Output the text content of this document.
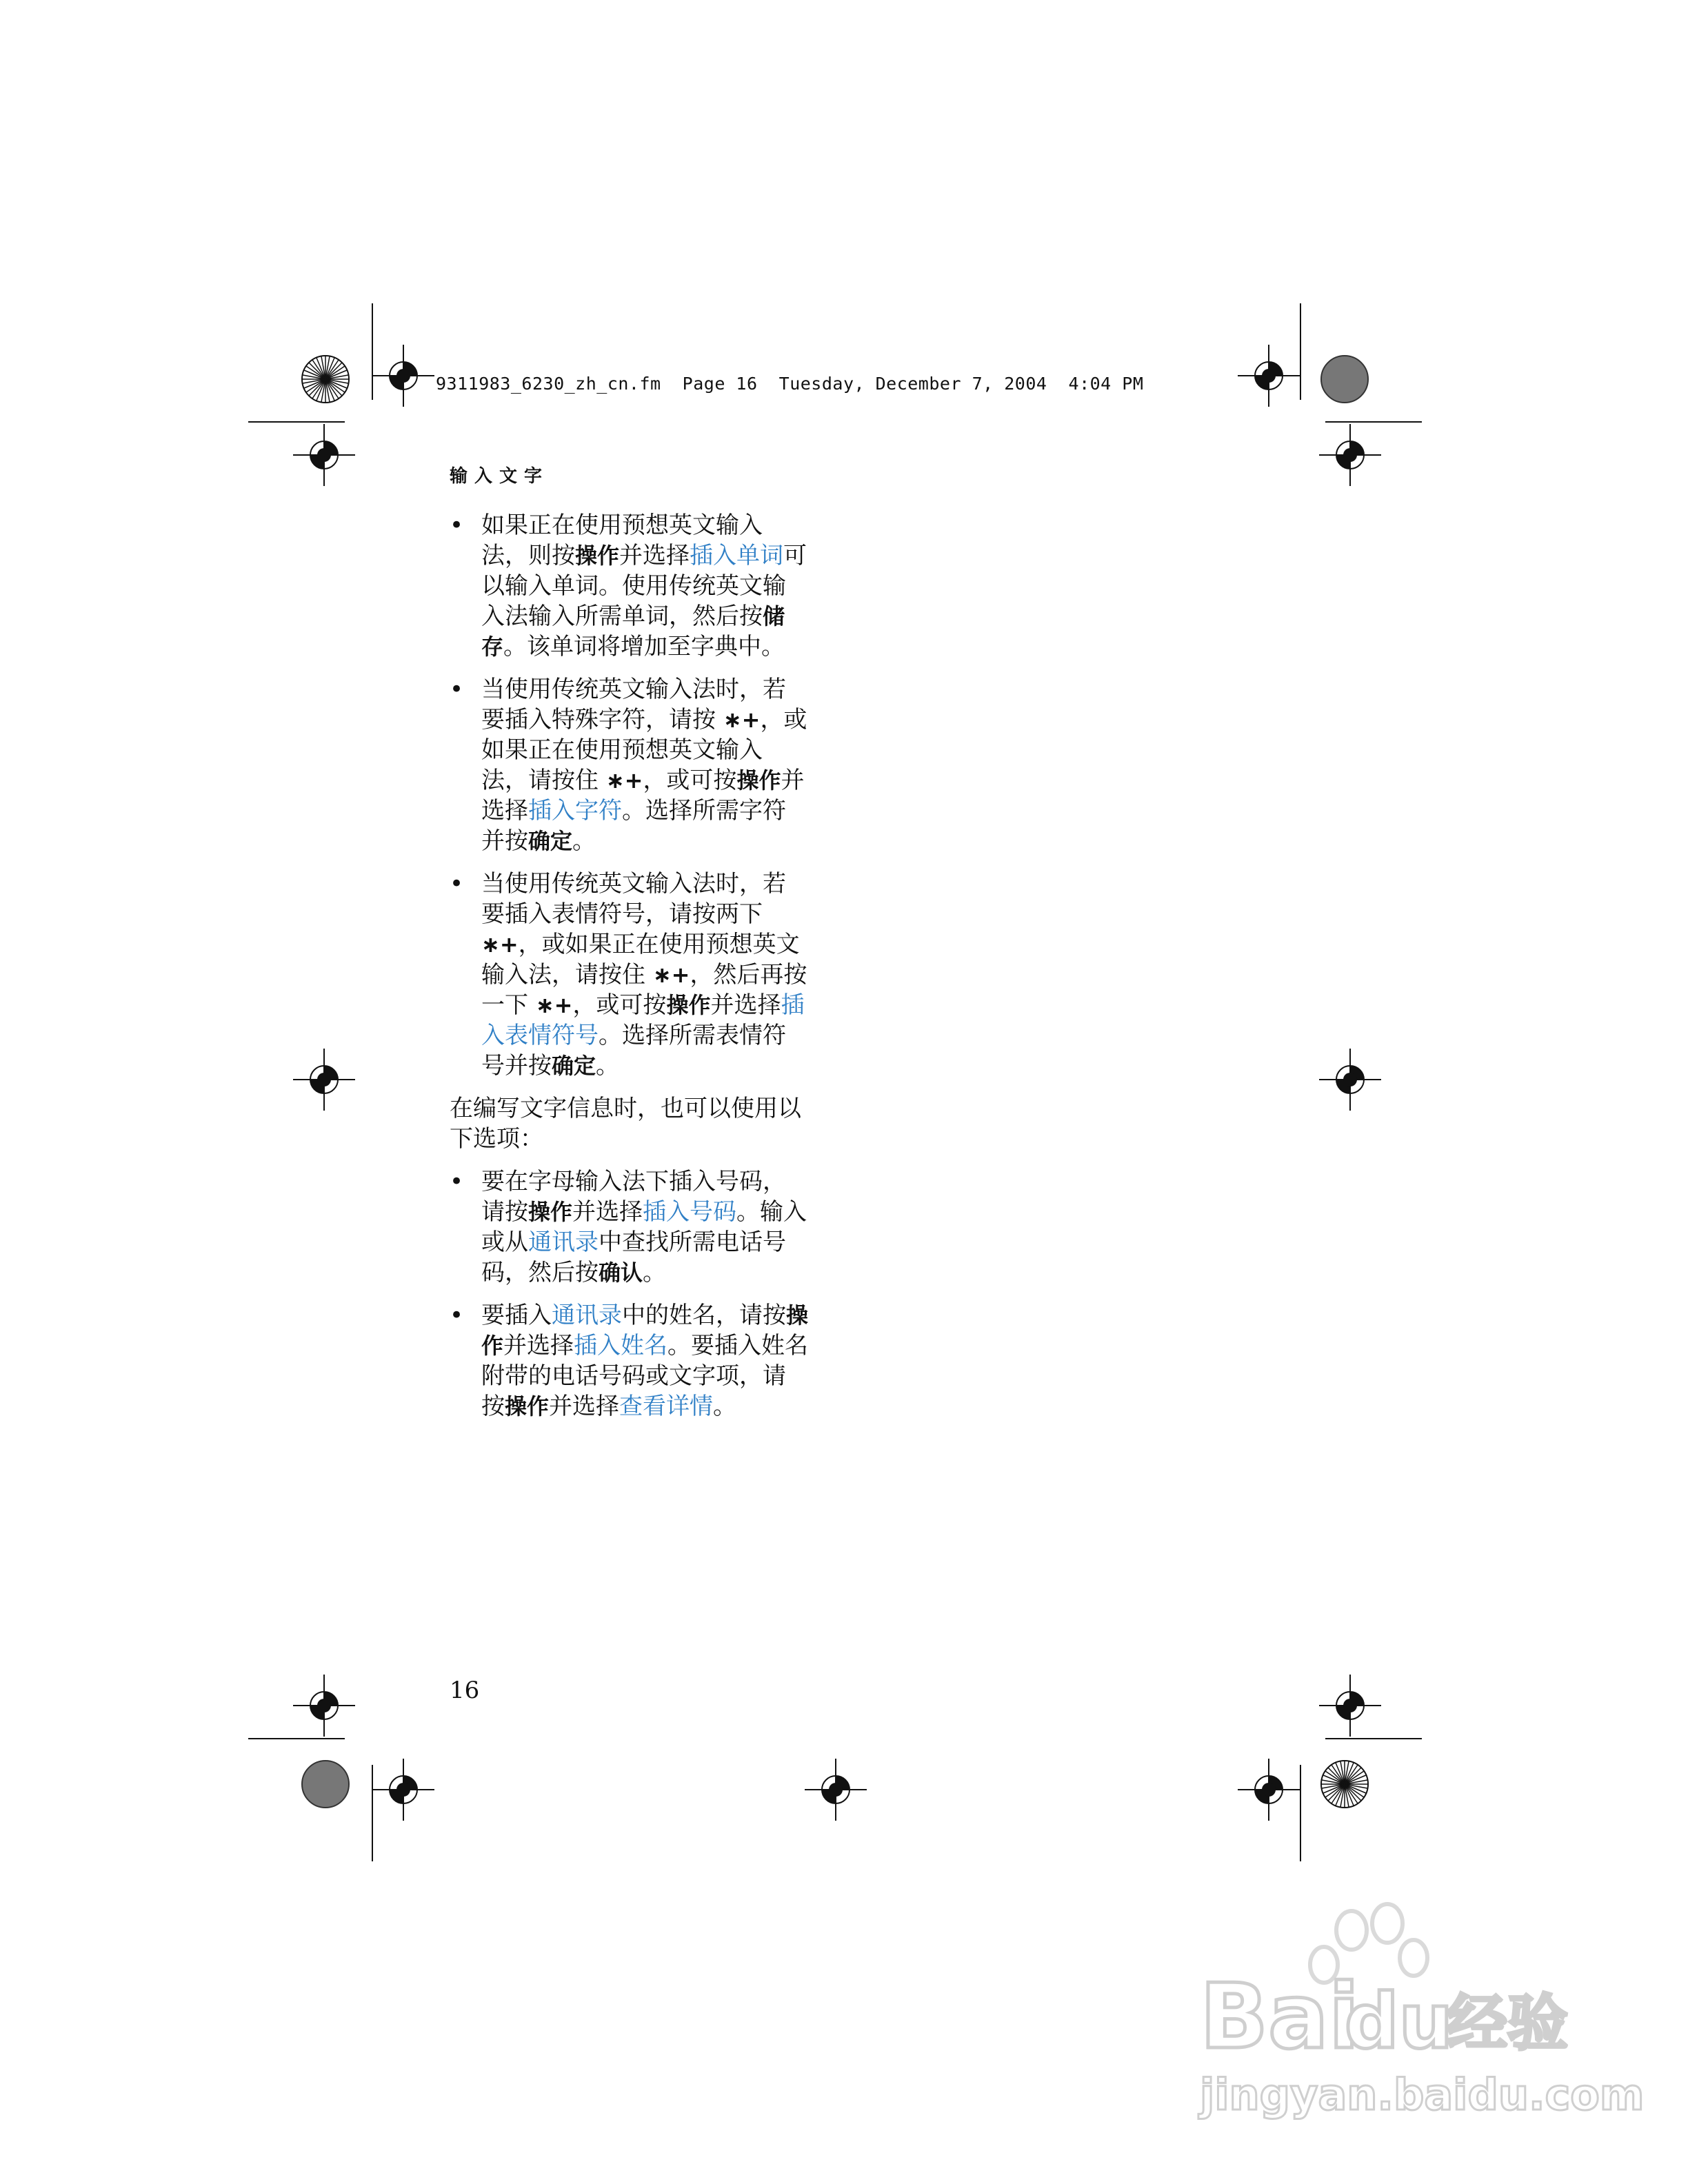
9311983_6230_zh_cn.fm  Page 16  Tuesday, December 7, 2004  4:04 PM
输入文字
• 如果正在使用预想英文输入法，则按操作并选择插入单词可以输入单词。使用传统英文输入法输入所需单词，然后按储存。该单词将增加至字典中。
• 当使用传统英文输入法时，若要插入特殊字符，请按 ∗+，或如果正在使用预想英文输入法，请按住 ∗+，或可按操作并选择插入字符。选择所需字符并按确定。
• 当使用传统英文输入法时，若要插入表情符号，请按两下 ∗+，或如果正在使用预想英文输入法，请按住 ∗+，然后再按一下 ∗+，或可按操作并选择插入表情符号。选择所需表情符号并按确定。
在编写文字信息时，也可以使用以下选项：
• 要在字母输入法下插入号码，请按操作并选择插入号码。输入或从通讯录中查找所需电话号码，然后按确认。
• 要插入通讯录中的姓名，请按操作并选择插入姓名。要插入姓名附带的电话号码或文字项，请按操作并选择查看详情。
16
Bai
du
经验
jingyan.baidu.com
